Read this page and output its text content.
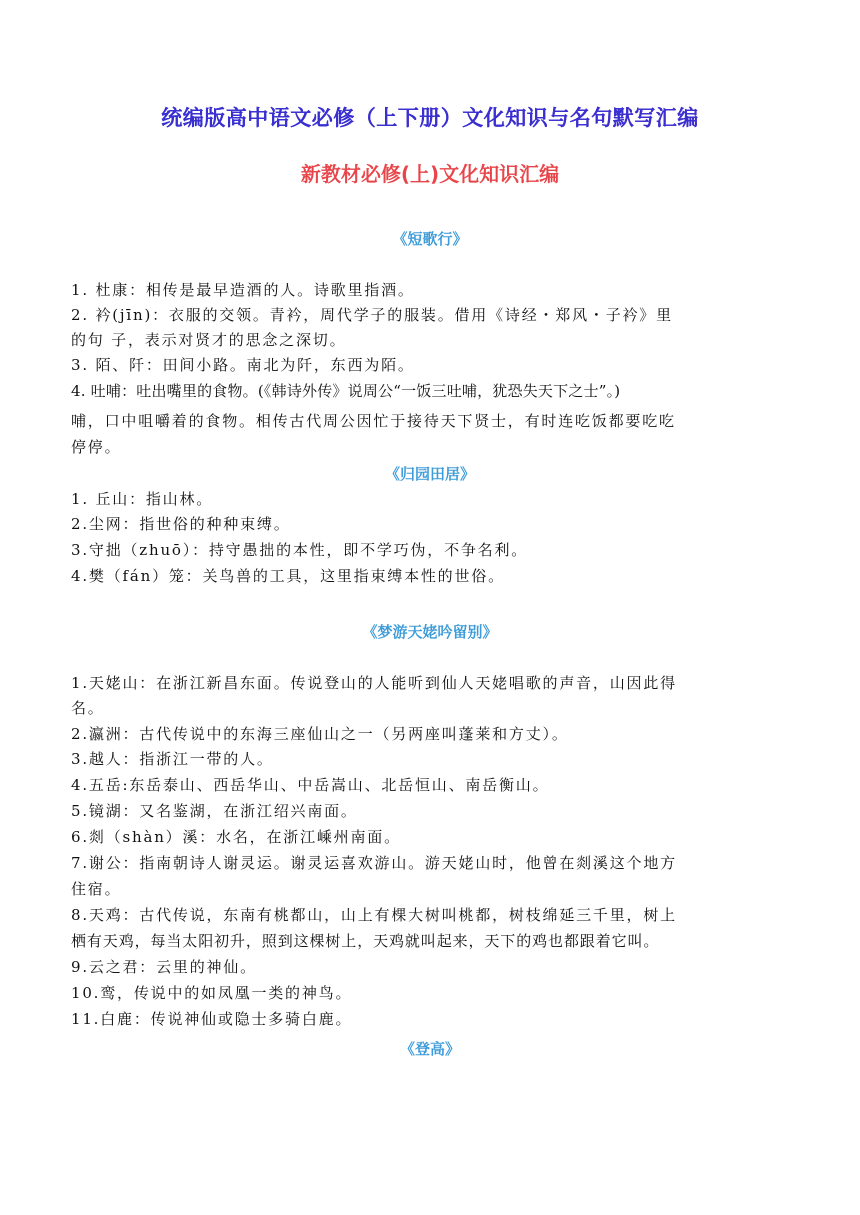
统编版高中语文必修（上下册）文化知识与名句默写汇编
新教材必修(上)文化知识汇编
《短歌行》
1. 杜康：相传是最早造酒的人。诗歌里指酒。
2. 衿(jīn)：衣服的交领。青衿，周代学子的服装。借用《诗经・郑风・子衿》里
的句 子，表示对贤才的思念之深切。
3. 陌、阡：田间小路。南北为阡，东西为陌。
4. 吐哺：吐出嘴里的食物。(《韩诗外传》说周公“一饭三吐哺，犹恐失天下之士”。)
哺，口中咀嚼着的食物。相传古代周公因忙于接待天下贤士，有时连吃饭都要吃吃
停停。
《归园田居》
1. 丘山：指山林。
2.尘网：指世俗的种种束缚。
3.守拙（zhuō）：持守愚拙的本性，即不学巧伪，不争名利。
4.樊（fán）笼：关鸟兽的工具，这里指束缚本性的世俗。
《梦游天姥吟留别》
1.天姥山：在浙江新昌东面。传说登山的人能听到仙人天姥唱歌的声音，山因此得
名。
2.瀛洲：古代传说中的东海三座仙山之一（另两座叫蓬莱和方丈）。
3.越人：指浙江一带的人。
4.五岳:东岳泰山、西岳华山、中岳嵩山、北岳恒山、南岳衡山。
5.镜湖：又名鉴湖，在浙江绍兴南面。
6.剡（shàn）溪：水名，在浙江嵊州南面。
7.谢公：指南朝诗人谢灵运。谢灵运喜欢游山。游天姥山时，他曾在剡溪这个地方
住宿。
8.天鸡：古代传说，东南有桃都山，山上有棵大树叫桃都，树枝绵延三千里，树上
栖有天鸡，每当太阳初升，照到这棵树上，天鸡就叫起来，天下的鸡也都跟着它叫。
9.云之君：云里的神仙。
10.鸾，传说中的如凤凰一类的神鸟。
11.白鹿：传说神仙或隐士多骑白鹿。
《登高》
